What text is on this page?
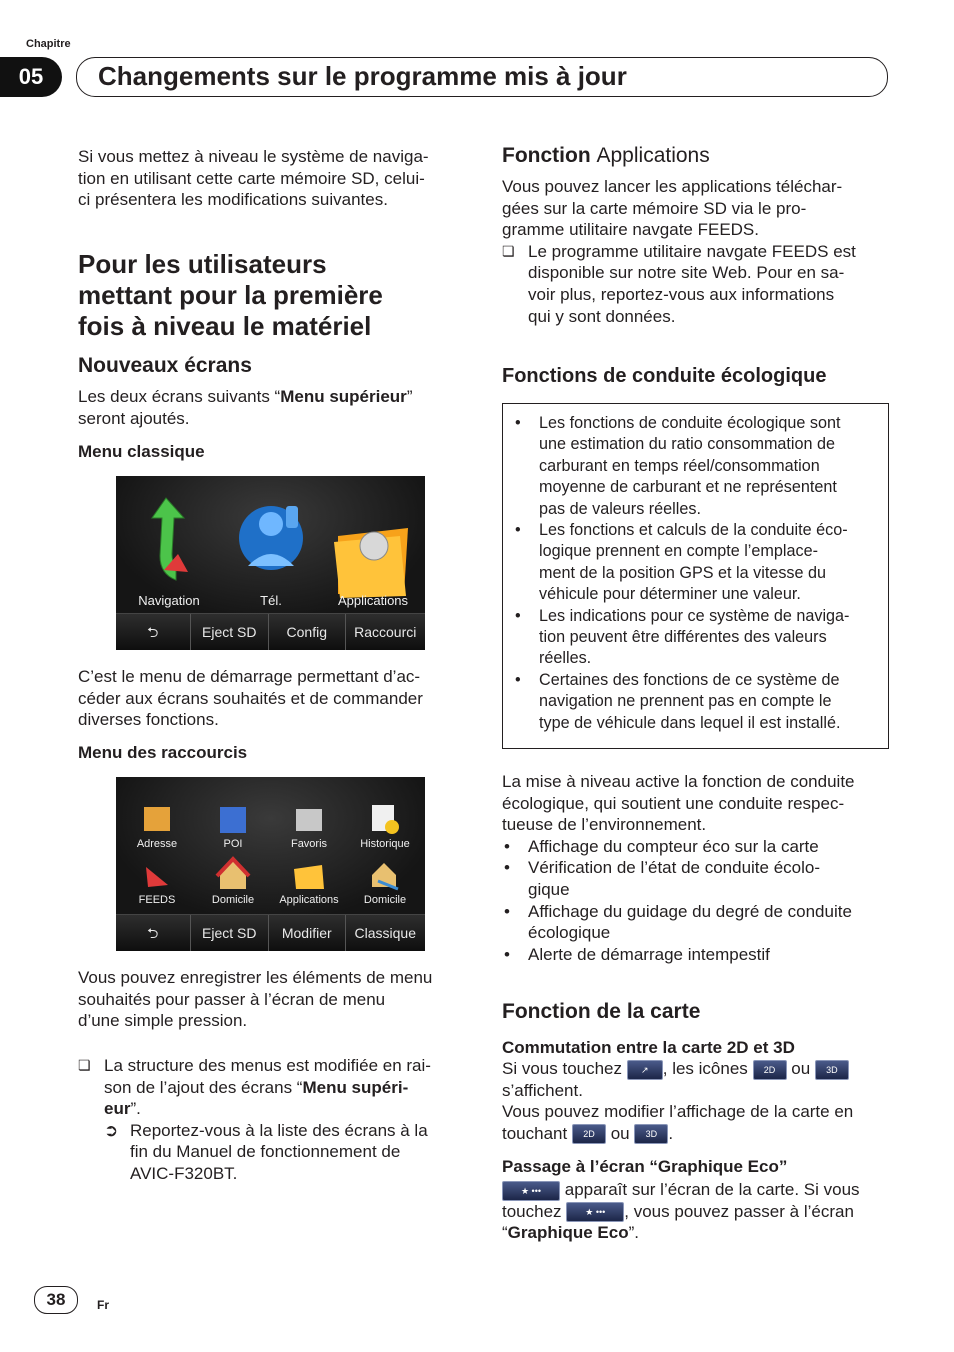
Chapitre
05	Changements sur le programme mis à jour
Si vous mettez à niveau le système de naviga-
tion en utilisant cette carte mémoire SD, celui-
ci présentera les modifications suivantes.
Pour les utilisateurs
mettant pour la première
fois à niveau le matériel
Nouveaux écrans
Les deux écrans suivants “Menu supérieur”
seront ajoutés.
Menu classique
Navigation	Tél.	Applications
⮌	Eject SD	Config	Raccourci
C’est le menu de démarrage permettant d’ac-
céder aux écrans souhaités et de commander
diverses fonctions.
Menu des raccourcis
Adresse	POI	Favoris	Historique
FEEDS	Domicile	Applications	Domicile
⮌	Eject SD	Modifier	Classique
Vous pouvez enregistrer les éléments de menu
souhaités pour passer à l’écran de menu
d’une simple pression.
❏ La structure des menus est modifiée en rai-
son de l’ajout des écrans “Menu supéri-
eur”.
➲ Reportez-vous à la liste des écrans à la
fin du Manuel de fonctionnement de
AVIC-F320BT.
Fonction Applications
Vous pouvez lancer les applications téléchar-
gées sur la carte mémoire SD via le pro-
gramme utilitaire navgate FEEDS.
❏ Le programme utilitaire navgate FEEDS est
disponible sur notre site Web. Pour en sa-
voir plus, reportez-vous aux informations
qui y sont données.
Fonctions de conduite écologique
• Les fonctions de conduite écologique sont
une estimation du ratio consommation de
carburant en temps réel/consommation
moyenne de carburant et ne représentent
pas de valeurs réelles.
• Les fonctions et calculs de la conduite éco-
logique prennent en compte l’emplace-
ment de la position GPS et la vitesse du
véhicule pour déterminer une valeur.
• Les indications pour ce système de naviga-
tion peuvent être différentes des valeurs
réelles.
• Certaines des fonctions de ce système de
navigation ne prennent pas en compte le
type de véhicule dans lequel il est installé.
La mise à niveau active la fonction de conduite
écologique, qui soutient une conduite respec-
tueuse de l’environnement.
• Affichage du compteur éco sur la carte
• Vérification de l’état de conduite écolo-
gique
• Affichage du guidage du degré de conduite
écologique
• Alerte de démarrage intempestif
Fonction de la carte
Commutation entre la carte 2D et 3D
Si vous touchez ↗ , les icônes 2D ou 3D
s’affichent.
Vous pouvez modifier l’affichage de la carte en
touchant 2D ou 3D .
Passage à l’écran “Graphique Eco”
★ ••• apparaît sur l’écran de la carte. Si vous
touchez	★ ••• , vous pouvez passer à l’écran
“Graphique Eco”.
38	Fr
